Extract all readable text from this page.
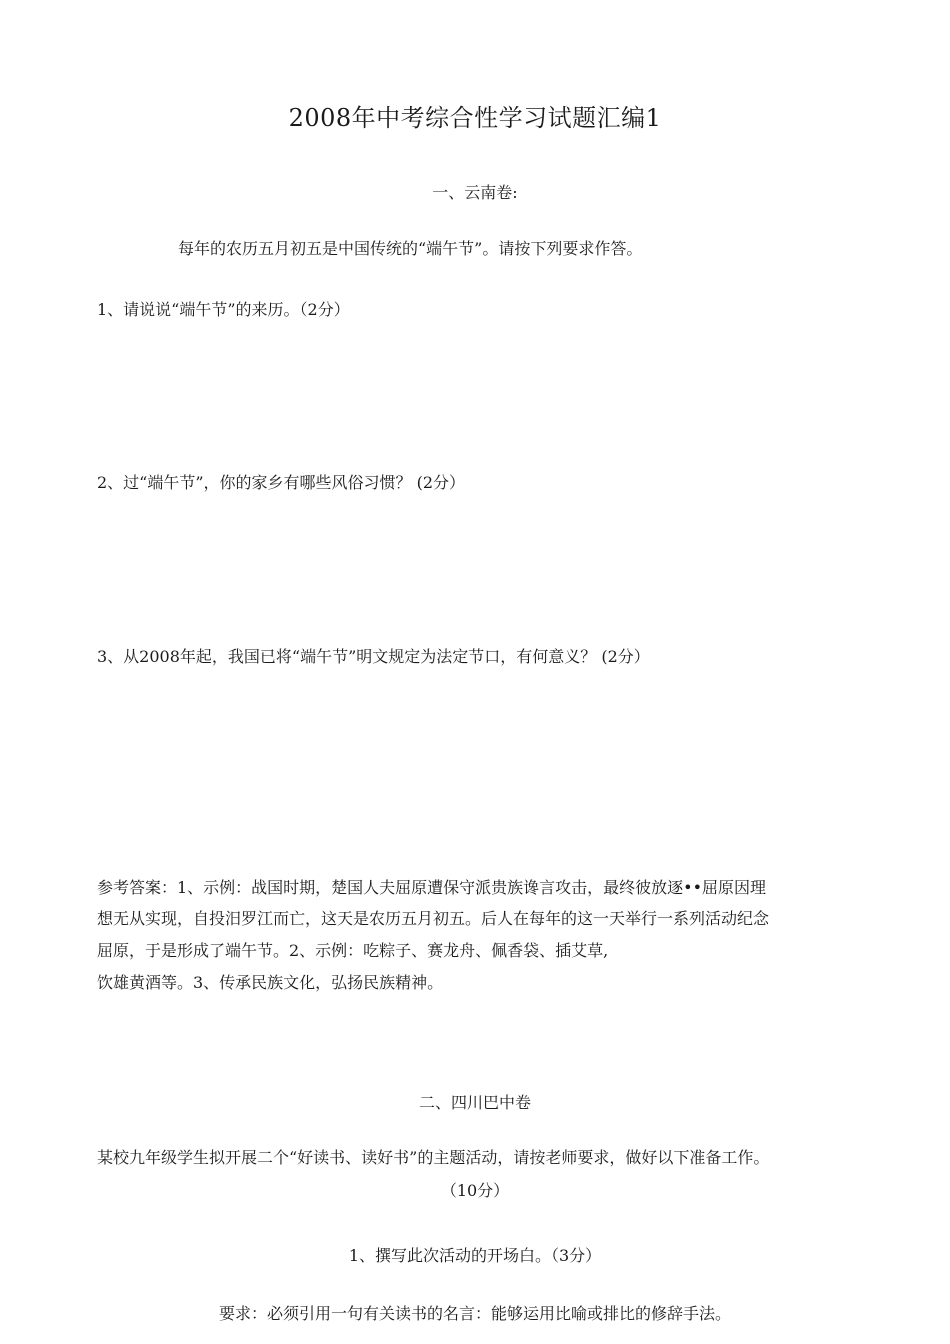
2008年中考综合性学习试题汇编1
一、云南卷:
每年的农历五月初五是中国传统的“端午节”。请按下列要求作答。
1、请说说“端午节”的来历。（2分）
2、过“端午节”，你的家乡有哪些风俗习惯？ (2分）
3、从2008年起，我国已将“端午节”明文规定为法定节口，有何意义？ (2分）
参考答案：1、示例：战国时期，楚国人夫屈原遭保守派贵族谗言攻击，最终彼放逐••屈原因理
想无从实现，自投汨罗江而亡，这天是农历五月初五。后人在每年的这一天举行一系列活动纪念
屈原，于是形成了端午节。2、示例：吃粽子、赛龙舟、佩香袋、插艾草,
饮雄黄酒等。3、传承民族文化，弘扬民族精神。
二、四川巴中卷
某校九年级学生拟开展二个“好读书、读好书”的主题活动，请按老师要求，做好以下准备工作。
（10分）
1、撰写此次活动的开场白。（3分）
要求：必须引用一句有关读书的名言：能够运用比喻或排比的修辞手法。
